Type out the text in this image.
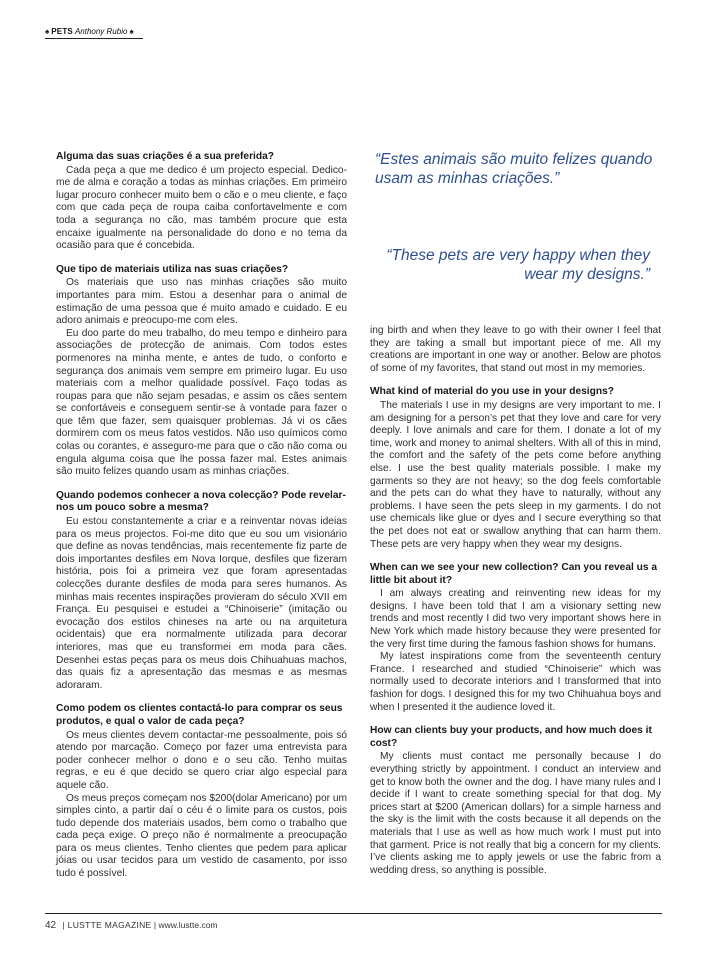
♠ PETS Anthony Rubio ♠
“Estes animais são muito felizes quando usam as minhas criações.”
“These pets are very happy when they wear my designs.”
Alguma das suas criações é a sua preferida?

Cada peça a que me dedico é um projecto especial. Dedico-me de alma e coração a todas as minhas criações. Em primeiro lugar procuro conhecer muito bem o cão e o meu cliente, e faço com que cada peça de roupa caiba confortavelmente e com toda a segurança no cão, mas também procure que esta encaixe igualmente na personalidade do dono e no tema da ocasião para que é concebida.

Que tipo de materiais utiliza nas suas criações?

Os materiais que uso nas minhas criações são muito importantes para mim. Estou a desenhar para o animal de estimação de uma pessoa que é muito amado e cuidado. E eu adoro animais e preocupo-me com eles.

Eu doo parte do meu trabalho, do meu tempo e dinheiro para associações de protecção de animais. Com todos estes pormenores na minha mente, e antes de tudo, o conforto e segurança dos animais vem sempre em primeiro lugar. Eu uso materiais com a melhor qualidade possível. Faço todas as roupas para que não sejam pesadas, e assim os cães sentem se confortáveis e conseguem sentir-se à vontade para fazer o que têm que fazer, sem quaisquer problemas. Já vi os cães dormirem com os meus fatos vestidos. Não uso químicos como colas ou corantes, e asseguro-me para que o cão não coma ou engula alguma coisa que lhe possa fazer mal. Estes animais são muito felizes quando usam as minhas criações.

Quando podemos conhecer a nova colecção? Pode revelar-nos um pouco sobre a mesma?

Eu estou constantemente a criar e a reinventar novas ideias para os meus projectos. Foi-me dito que eu sou um visionário que define as novas tendências, mais recentemente fiz parte de dois importantes desfiles em Nova Iorque, desfiles que fizeram história, pois foi a primeira vez que foram apresentadas colecções durante desfiles de moda para seres humanos. As minhas mais recentes inspirações provieram do século XVII em França. Eu pesquisei e estudei a “Chinoiserie” (imitação ou evocação dos estilos chineses na arte ou na arquitetura ocidentais) que era normalmente utilizada para decorar interiores, mas que eu transformei em moda para cães. Desenhei estas peças para os meus dois Chihuahuas machos, das quais fiz a apresentação das mesmas e as mesmas adoraram.

Como podem os clientes contactá-lo para comprar os seus produtos, e qual o valor de cada peça?

Os meus clientes devem contactar-me pessoalmente, pois só atendo por marcação. Começo por fazer uma entrevista para poder conhecer melhor o dono e o seu cão. Tenho muitas regras, e eu é que decido se quero criar algo especial para aquele cão.

Os meus preços começam nos $200(dolar Americano) por um simples cinto, a partir daí o céu é o limite para os custos, pois tudo depende dos materiais usados, bem como o trabalho que cada peça exige. O preço não é normalmente a preocupação para os meus clientes. Tenho clientes que pedem para aplicar jóias ou usar tecidos para um vestido de casamento, por isso tudo é possível.

ing birth and when they leave to go with their owner I feel that they are taking a small but important piece of me. All my creations are important in one way or another. Below are photos of some of my favorites, that stand out most in my memories.

What kind of material do you use in your designs?

The materials I use in my designs are very important to me. I am designing for a person’s pet that they love and care for very deeply. I love animals and care for them. I donate a lot of my time, work and money to animal shelters. With all of this in mind, the comfort and the safety of the pets come before anything else. I use the best quality materials possible. I make my garments so they are not heavy; so the dog feels comfortable and the pets can do what they have to naturally, without any problems. I have seen the pets sleep in my garments. I do not use chemicals like glue or dyes and I secure everything so that the pet does not eat or swallow anything that can harm them. These pets are very happy when they wear my designs.

When can we see your new collection? Can you reveal us a little bit about it?

I am always creating and reinventing new ideas for my designs. I have been told that I am a visionary setting new trends and most recently I did two very important shows here in New York which made history because they were presented for the very first time during the famous fashion shows for humans.

My latest inspirations come from the seventeenth century France. I researched and studied “Chinoiserie” which was normally used to decorate interiors and I transformed that into fashion for dogs. I designed this for my two Chihuahua boys and when I presented it the audience loved it.

How can clients buy your products, and how much does it cost?

My clients must contact me personally because I do everything strictly by appointment. I conduct an interview and get to know both the owner and the dog. I have many rules and I decide if I want to create something special for that dog. My prices start at $200 (American dollars) for a simple harness and the sky is the limit with the costs because it all depends on the materials that I use as well as how much work I must put into that garment. Price is not really that big a concern for my clients. I’ve clients asking me to apply jewels or use the fabric from a wedding dress, so anything is possible.

42 | LUSTTE MAGAZINE | www.lustte.com
